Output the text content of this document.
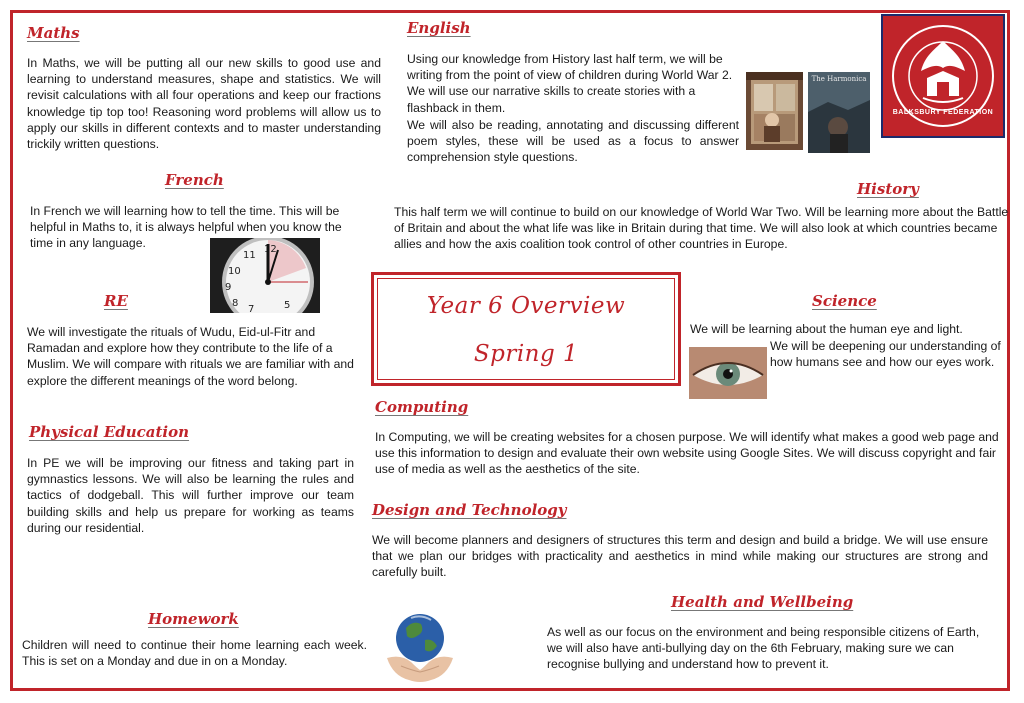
Maths
In Maths, we will be putting all our new skills to good use and learning to understand measures, shape and statistics. We will revisit calculations with all four operations and keep our fractions knowledge tip top too! Reasoning word problems will allow us to apply our skills in different contexts and to master understanding trickily written questions.
English
Using our knowledge from History last half term, we will be writing from the point of view of children during World War 2. We will use our narrative skills to create stories with a flashback in them.
We will also be reading, annotating and discussing different poem styles, these will be used as a focus to answer comprehension style questions.
The Harmonica
BALKSBURY FEDERATION
French
In French we will learning how to tell the time. This will be helpful in Maths to, it is always helpful when you know the time in any language.	12
11
10
9
8
7	5
History
This half term we will continue to build on our knowledge of World War Two. Will be learning more about the Battle of Britain and about the what life was like in Britain during that time. We will also look at which countries became allies and how the axis coalition took control of other countries in Europe.
Year 6 Overview
Spring 1
RE
We will investigate the rituals of Wudu, Eid-ul-Fitr and Ramadan and explore how they contribute to the life of a Muslim. We will compare with rituals we are familiar with and explore the different meanings of the word belong.
Science
We will be learning about the human eye and light.
We will be deepening our understanding of how humans see and how our eyes work.
Physical Education
In PE we will be improving our fitness and taking part in gymnastics lessons. We will also be learning the rules and tactics of dodgeball. This will further improve our team building skills and help us prepare for working as teams during our residential.
Computing
In Computing, we will be creating websites for a chosen purpose. We will identify what makes a good web page and use this information to design and evaluate their own website using Google Sites. We will discuss copyright and fair use of media as well as the aesthetics of the site.
Design and Technology
We will become planners and designers of structures this term and design and build a bridge. We will use ensure that we plan our bridges with practicality and aesthetics in mind while making our structures are strong and carefully built.
Health and Wellbeing
As well as our focus on the environment and being responsible citizens of Earth, we will also have anti-bullying day on the 6th February, making sure we can recognise bullying and understand how to prevent it.
Homework
Children will need to continue their home learning each week. This is set on a Monday and due in on a Monday.
